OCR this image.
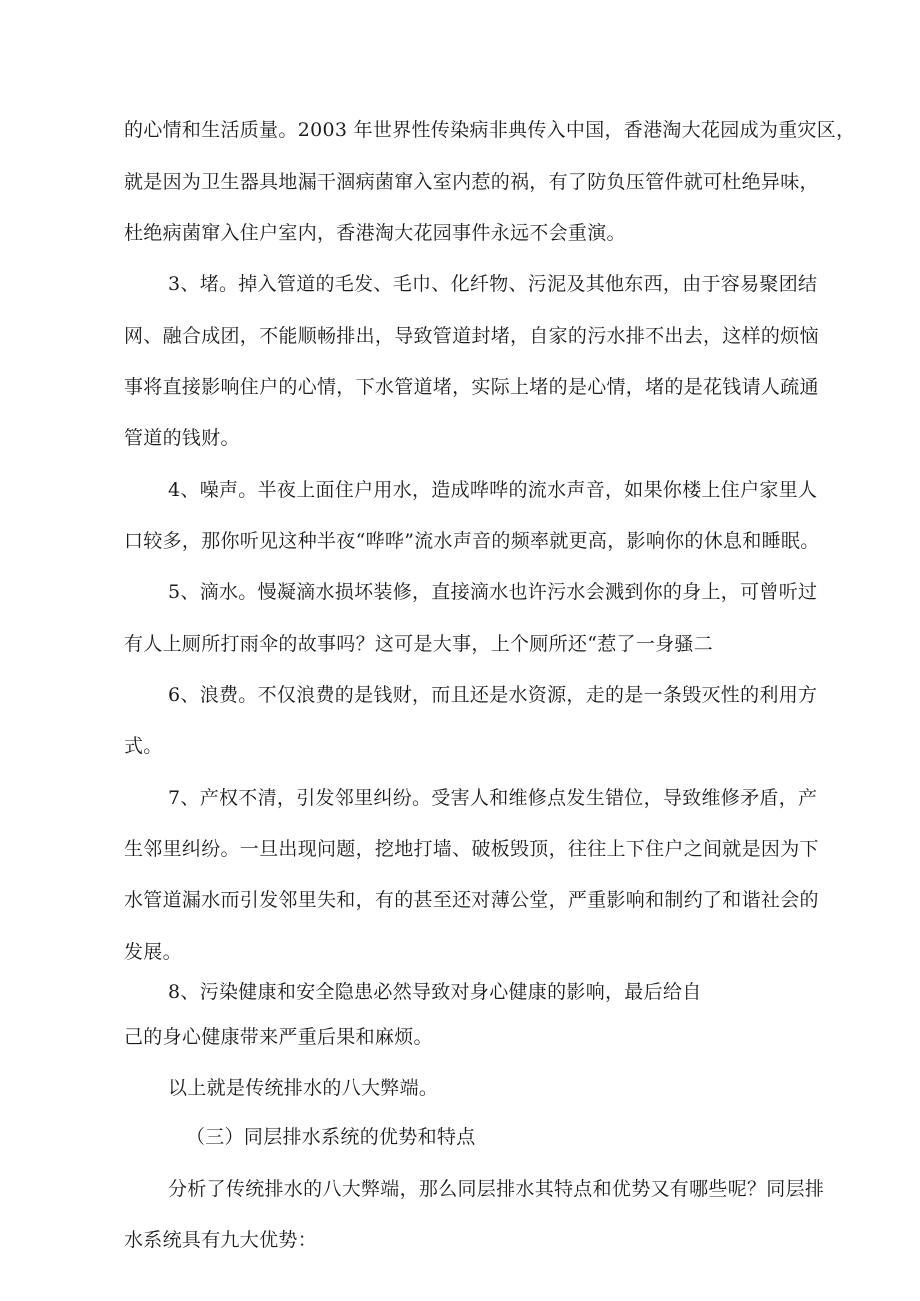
的心情和生活质量。2003 年世界性传染病非典传入中国，香港淘大花园成为重灾区，
就是因为卫生器具地漏干涸病菌窜入室内惹的祸，有了防负压管件就可杜绝异味，
杜绝病菌窜入住户室内，香港淘大花园事件永远不会重演。
3、堵。掉入管道的毛发、毛巾、化纤物、污泥及其他东西，由于容易聚团结
网、融合成团，不能顺畅排出，导致管道封堵，自家的污水排不出去，这样的烦恼
事将直接影响住户的心情，下水管道堵，实际上堵的是心情，堵的是花钱请人疏通
管道的钱财。
4、噪声。半夜上面住户用水，造成哗哗的流水声音，如果你楼上住户家里人
口较多，那你听见这种半夜“哗哗”流水声音的频率就更高，影响你的休息和睡眠。
5、滴水。慢凝滴水损坏装修，直接滴水也许污水会溅到你的身上，可曾听过
有人上厕所打雨伞的故事吗？这可是大事，上个厕所还“惹了一身骚二
6、浪费。不仅浪费的是钱财，而且还是水资源，走的是一条毁灭性的利用方
式。
7、产权不清，引发邻里纠纷。受害人和维修点发生错位，导致维修矛盾，产
生邻里纠纷。一旦出现问题，挖地打墙、破板毁顶，往往上下住户之间就是因为下
水管道漏水而引发邻里失和，有的甚至还对薄公堂，严重影响和制约了和谐社会的
发展。
8、污染健康和安全隐患必然导致对身心健康的影响，最后给自
己的身心健康带来严重后果和麻烦。
以上就是传统排水的八大弊端。
（三）同层排水系统的优势和特点
分析了传统排水的八大弊端，那么同层排水其特点和优势又有哪些呢？同层排
水系统具有九大优势：
